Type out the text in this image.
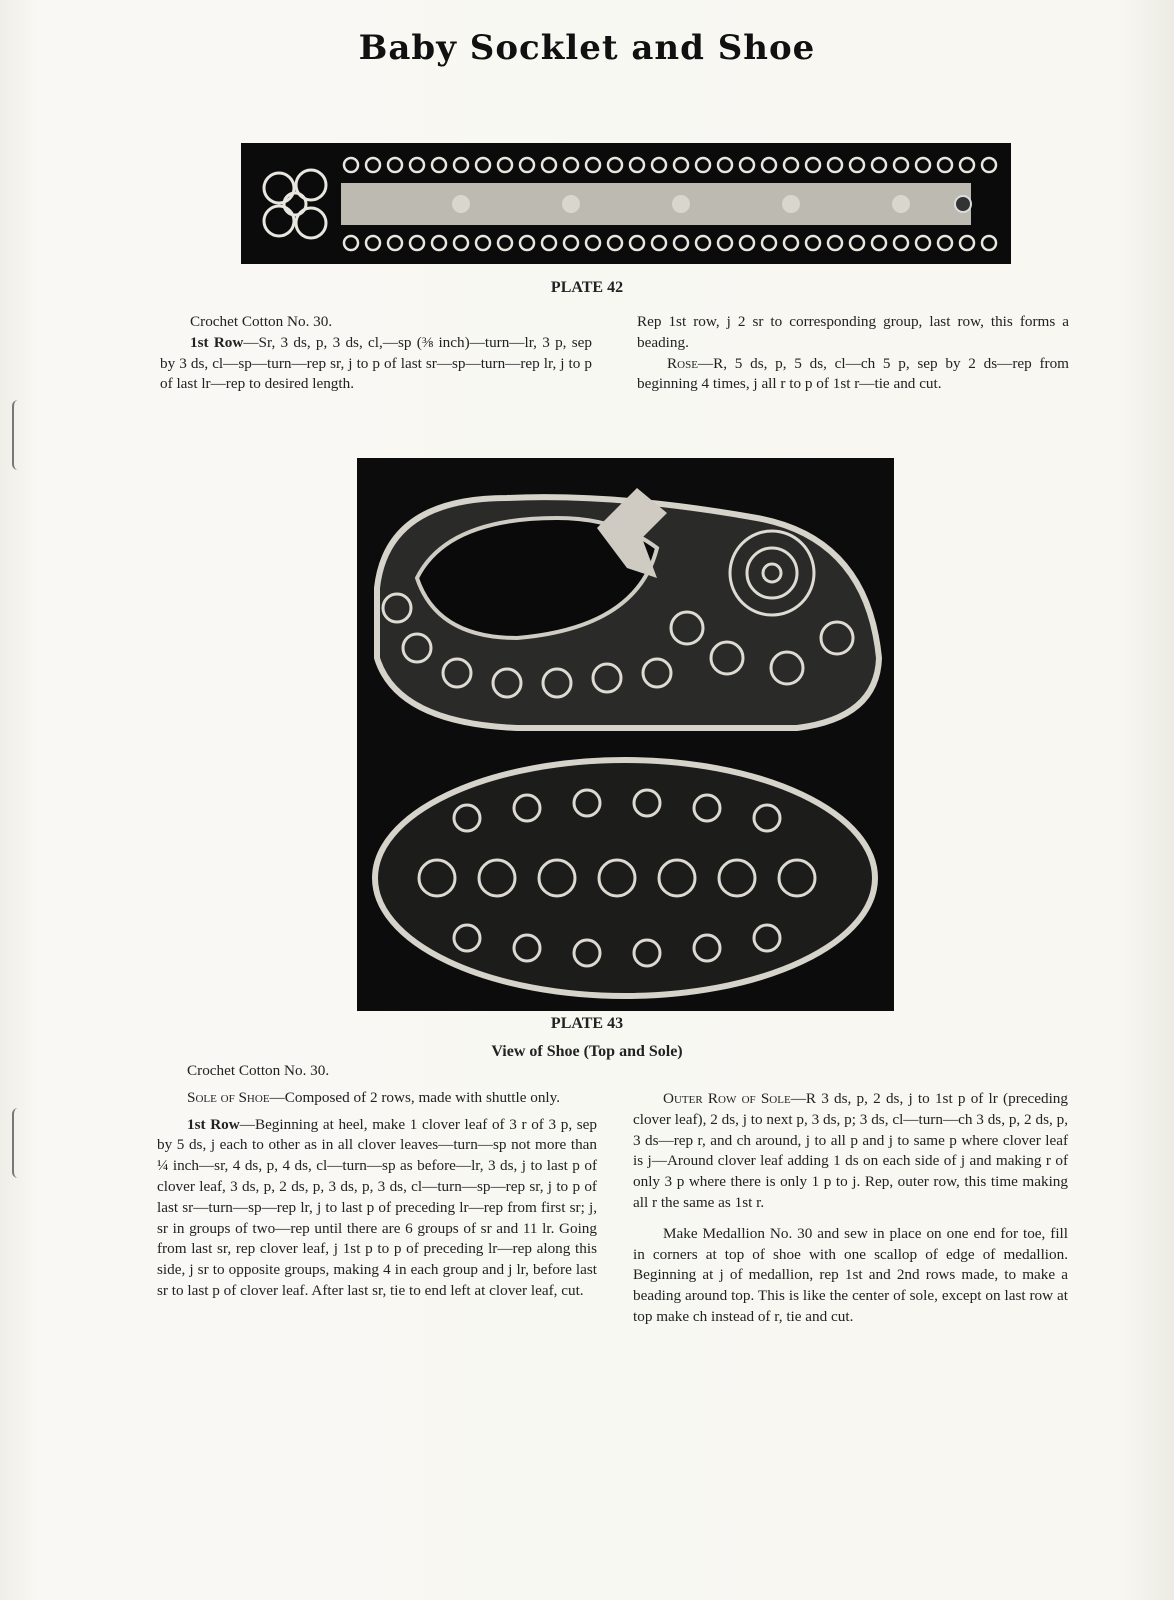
Baby Socklet and Shoe
PLATE 42

Crochet Cotton No. 30.

1st Row—Sr, 3 ds, p, 3 ds, cl,—sp (⅜ inch)—turn—lr, 3 p, sep by 3 ds, cl—sp—turn—rep sr, j to p of last sr—sp—turn—rep lr, j to p of last lr—rep to desired length.

Rep 1st row, j 2 sr to corresponding group, last row, this forms a beading.

Rose—R, 5 ds, p, 5 ds, cl—ch 5 p, sep by 2 ds—rep from beginning 4 times, j all r to p of 1st r—tie and cut.

PLATE 43
View of Shoe (Top and Sole)

Crochet Cotton No. 30.

Sole of Shoe—Composed of 2 rows, made with shuttle only.

1st Row—Beginning at heel, make 1 clover leaf of 3 r of 3 p, sep by 5 ds, j each to other as in all clover leaves—turn—sp not more than ¼ inch—sr, 4 ds, p, 4 ds, cl—turn—sp as before—lr, 3 ds, j to last p of clover leaf, 3 ds, p, 2 ds, p, 3 ds, p, 3 ds, cl—turn—sp—rep sr, j to p of last sr—turn—sp—rep lr, j to last p of preceding lr—rep from first sr; j, sr in groups of two—rep until there are 6 groups of sr and 11 lr. Going from last sr, rep clover leaf, j 1st p to p of preceding lr—rep along this side, j sr to opposite groups, making 4 in each group and j lr, before last sr to last p of clover leaf. After last sr, tie to end left at clover leaf, cut.

Outer Row of Sole—R 3 ds, p, 2 ds, j to 1st p of lr (preceding clover leaf), 2 ds, j to next p, 3 ds, p; 3 ds, cl—turn—ch 3 ds, p, 2 ds, p, 3 ds—rep r, and ch around, j to all p and j to same p where clover leaf is j—Around clover leaf adding 1 ds on each side of j and making r of only 3 p where there is only 1 p to j. Rep, outer row, this time making all r the same as 1st r.

Make Medallion No. 30 and sew in place on one end for toe, fill in corners at top of shoe with one scallop of edge of medallion. Beginning at j of medallion, rep 1st and 2nd rows made, to make a beading around top. This is like the center of sole, except on last row at top make ch instead of r, tie and cut.
